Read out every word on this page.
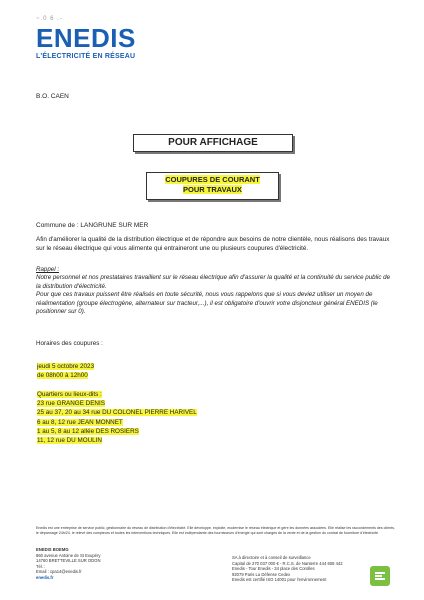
~.0 6 .-
ENEDIS
L'ÉLECTRICITÉ EN RÉSEAU
B.O. CAEN
POUR AFFICHAGE
COUPURES DE COURANT
POUR TRAVAUX
Commune de : LANGRUNE SUR MER
Afin d'améliorer la qualité de la distribution électrique et de répondre aux besoins de notre clientèle, nous réalisons des travaux sur le réseau électrique qui vous alimente qui entraineront une ou plusieurs coupures d'électricité.
Rappel :
Notre personnel et nos prestataires travaillent sur le réseau électrique afin d'assurer la qualité et la continuité du service public de la distribution d'électricité.
Pour que ces travaux puissent être réalisés en toute sécurité, nous vous rappelons que si vous deviez utiliser un moyen de réalimentation (groupe électrogène, alternateur sur tracteur,...), il est obligatoire d'ouvrir votre disjoncteur général ENEDIS (le positionner sur 0).
Horaires des coupures :
jeudi 5 octobre 2023
de 08h00 à 12h00
Quartiers ou lieux-dits :
23 rue GRANGE DENIS
25 au 37, 20 au 34 rue DU COLONEL PIERRE HARIVEL
6 au 8, 12 rue JEAN MONNET
1 au 5, 8 au 12 allée DES ROSIERS
11, 12 rue DU MOULIN
Enedis est une entreprise de service public, gestionnaire du réseau de distribution d'électricité. Elle développe, exploite, modernise le réseau électrique et gère les données associées. Elle réalise les raccordements des clients, le dépannage 24h/24, le relevé des compteurs et toutes les interventions techniques. Elle est indépendante des fournisseurs d'énergie qui sont chargés de la vente et de la gestion du contrat de fourniture d'électricité.
ENEDIS BOEMG
860 avenue Antoine de St Exupéry
14760 BRETTEVILLE SUR ODON
Tél. :
Email : cpa14@enedis.fr
enedis.fr
SA à directoire et à conseil de surveillance
Capital de 270 037 000 € - R.C.S. de Nanterre 444 608 442
Enedis - Tour Enedis - 34 place des Corolles
92079 Paris La Défense Cedex
Enedis est certifié ISO 14001 pour l'environnement
